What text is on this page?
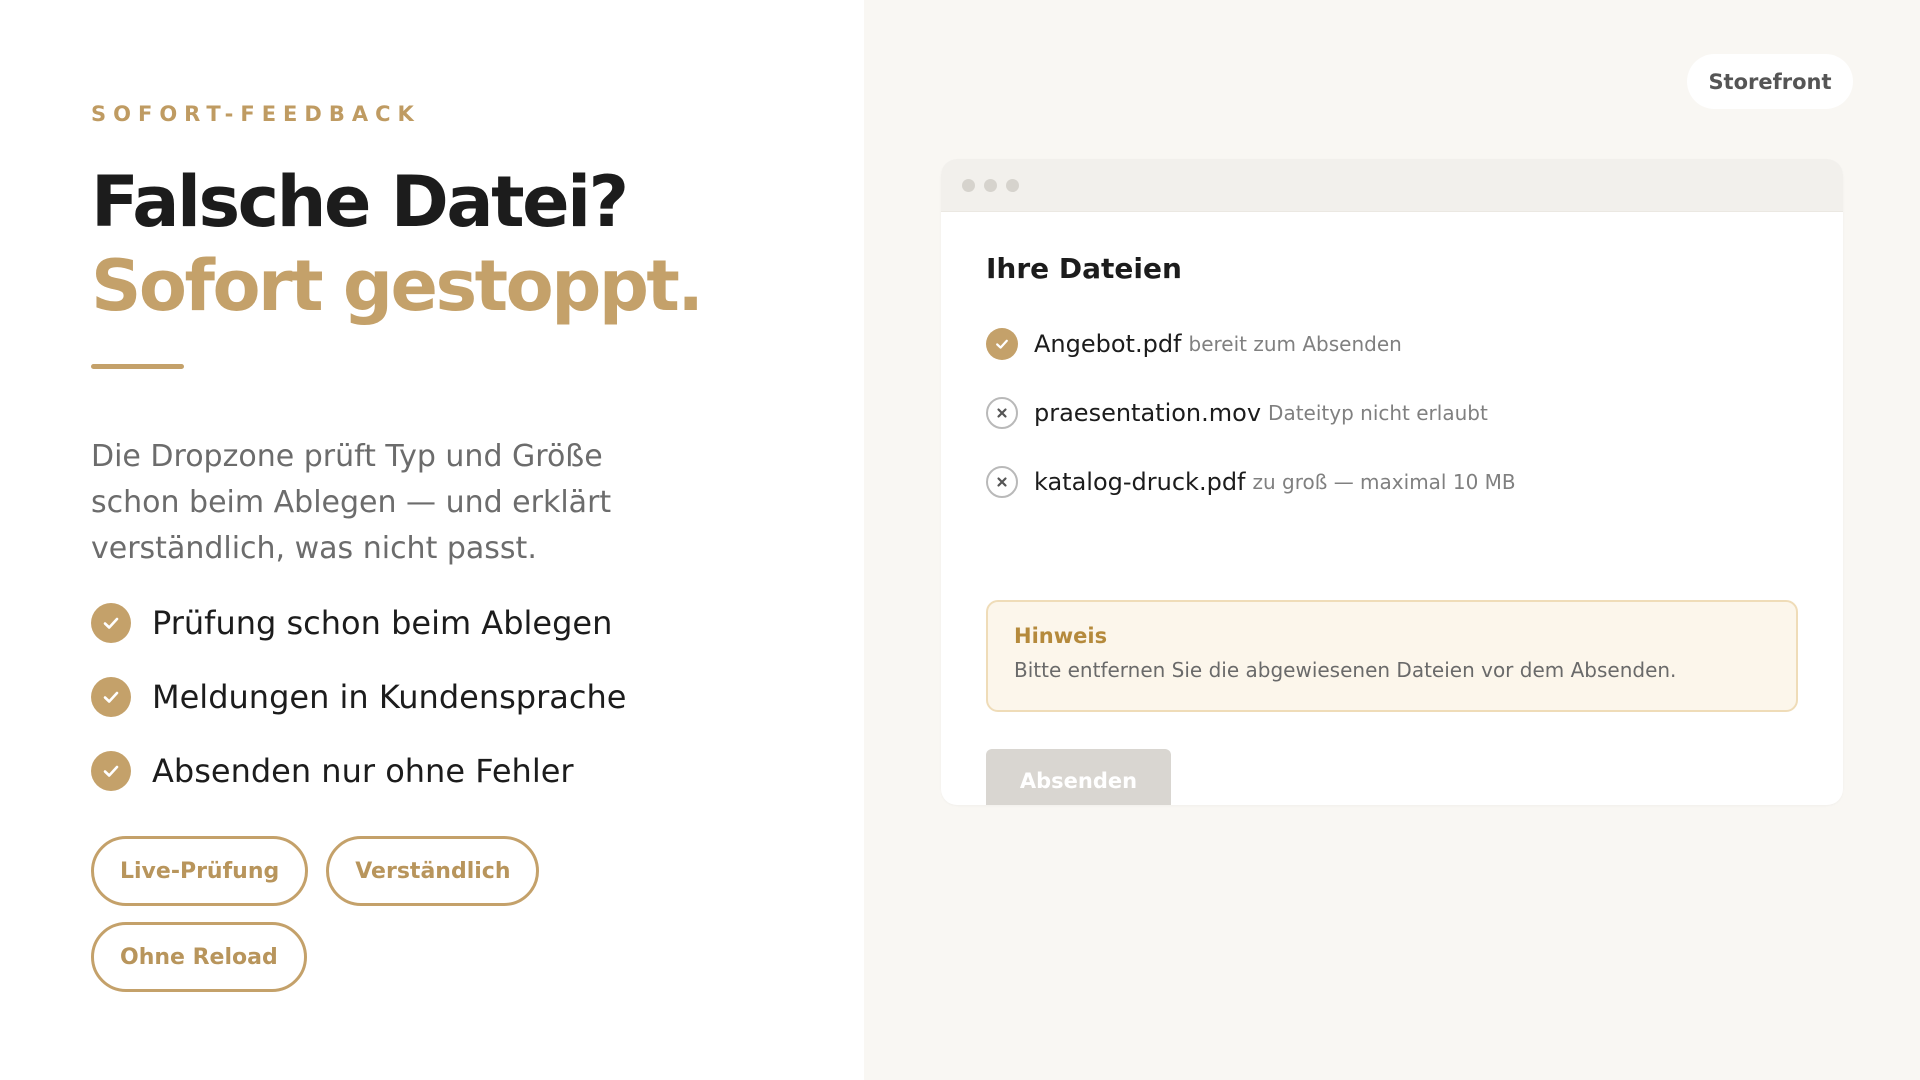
SOFORT-FEEDBACK
Falsche Datei?
Sofort gestoppt.

Die Dropzone prüft Typ und Größe schon beim Ablegen — und erklärt verständlich, was nicht passt.

Prüfung schon beim Ablegen
Meldungen in Kundensprache
Absenden nur ohne Fehler
Live-Prüfung	Verständlich
Ohne Reload
Storefront
Ihre Dateien
Angebot.pdf bereit zum Absenden
praesentation.mov Dateityp nicht erlaubt
katalog-druck.pdf zu groß — maximal 10 MB
Hinweis
Bitte entfernen Sie die abgewiesenen Dateien vor dem Absenden.
Absenden
